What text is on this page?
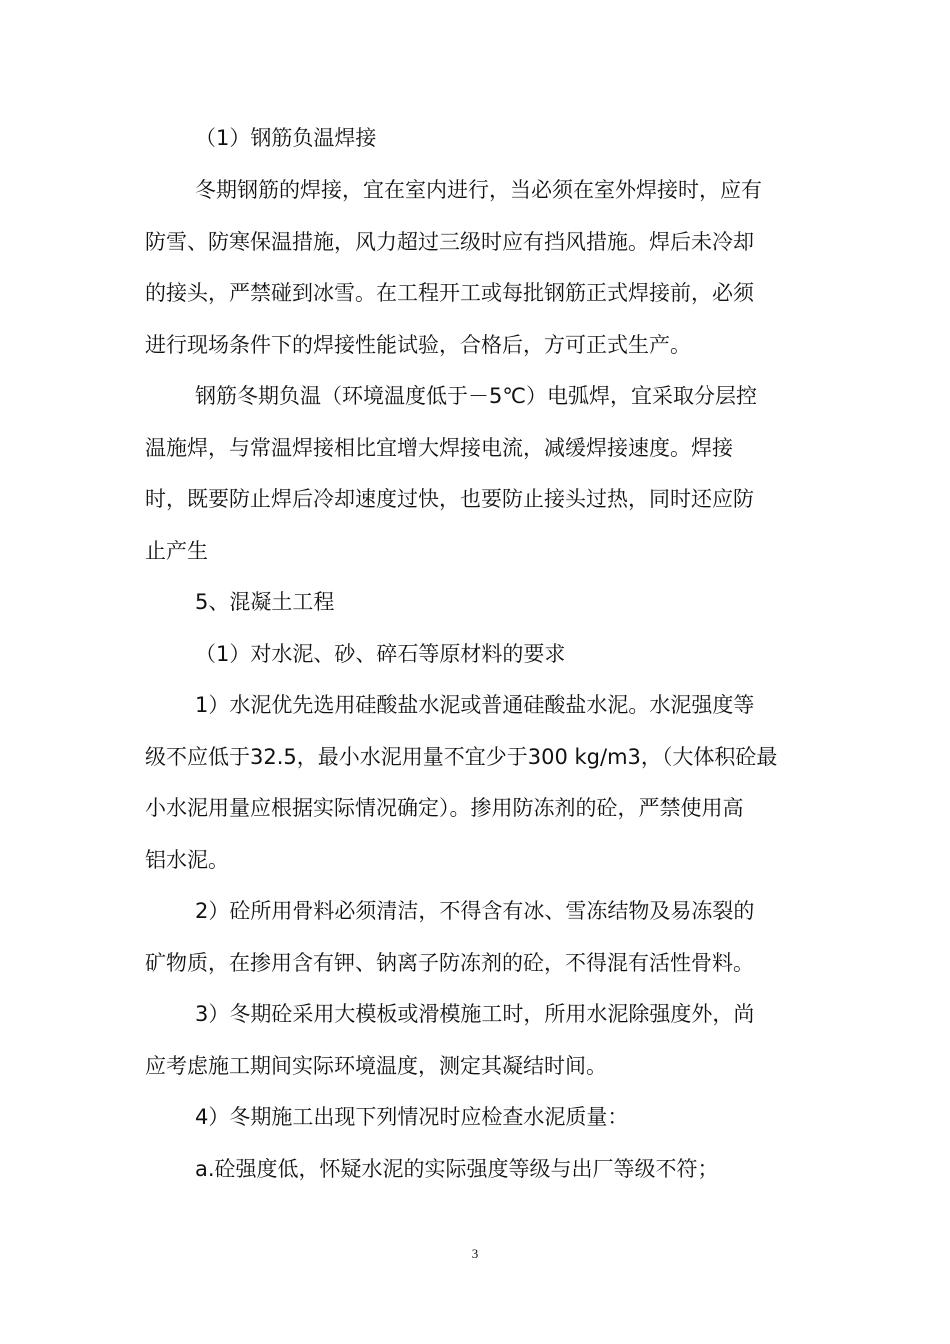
（1）钢筋负温焊接
冬期钢筋的焊接，宜在室内进行，当必须在室外焊接时，应有
防雪、防寒保温措施，风力超过三级时应有挡风措施。焊后未冷却
的接头，严禁碰到冰雪。在工程开工或每批钢筋正式焊接前，必须
进行现场条件下的焊接性能试验，合格后，方可正式生产。
钢筋冬期负温（环境温度低于－5℃）电弧焊，宜采取分层控
温施焊，与常温焊接相比宜增大焊接电流，减缓焊接速度。焊接
时，既要防止焊后冷却速度过快，也要防止接头过热，同时还应防
止产生
5、混凝土工程
（1）对水泥、砂、碎石等原材料的要求
1）水泥优先选用硅酸盐水泥或普通硅酸盐水泥。水泥强度等
级不应低于32.5，最小水泥用量不宜少于300 kg/m3，（大体积砼最
小水泥用量应根据实际情况确定）。掺用防冻剂的砼，严禁使用高
铝水泥。
2）砼所用骨料必须清洁，不得含有冰、雪冻结物及易冻裂的
矿物质，在掺用含有钾、钠离子防冻剂的砼，不得混有活性骨料。
3）冬期砼采用大模板或滑模施工时，所用水泥除强度外，尚
应考虑施工期间实际环境温度，测定其凝结时间。
4）冬期施工出现下列情况时应检查水泥质量：
a.砼强度低，怀疑水泥的实际强度等级与出厂等级不符；
3
